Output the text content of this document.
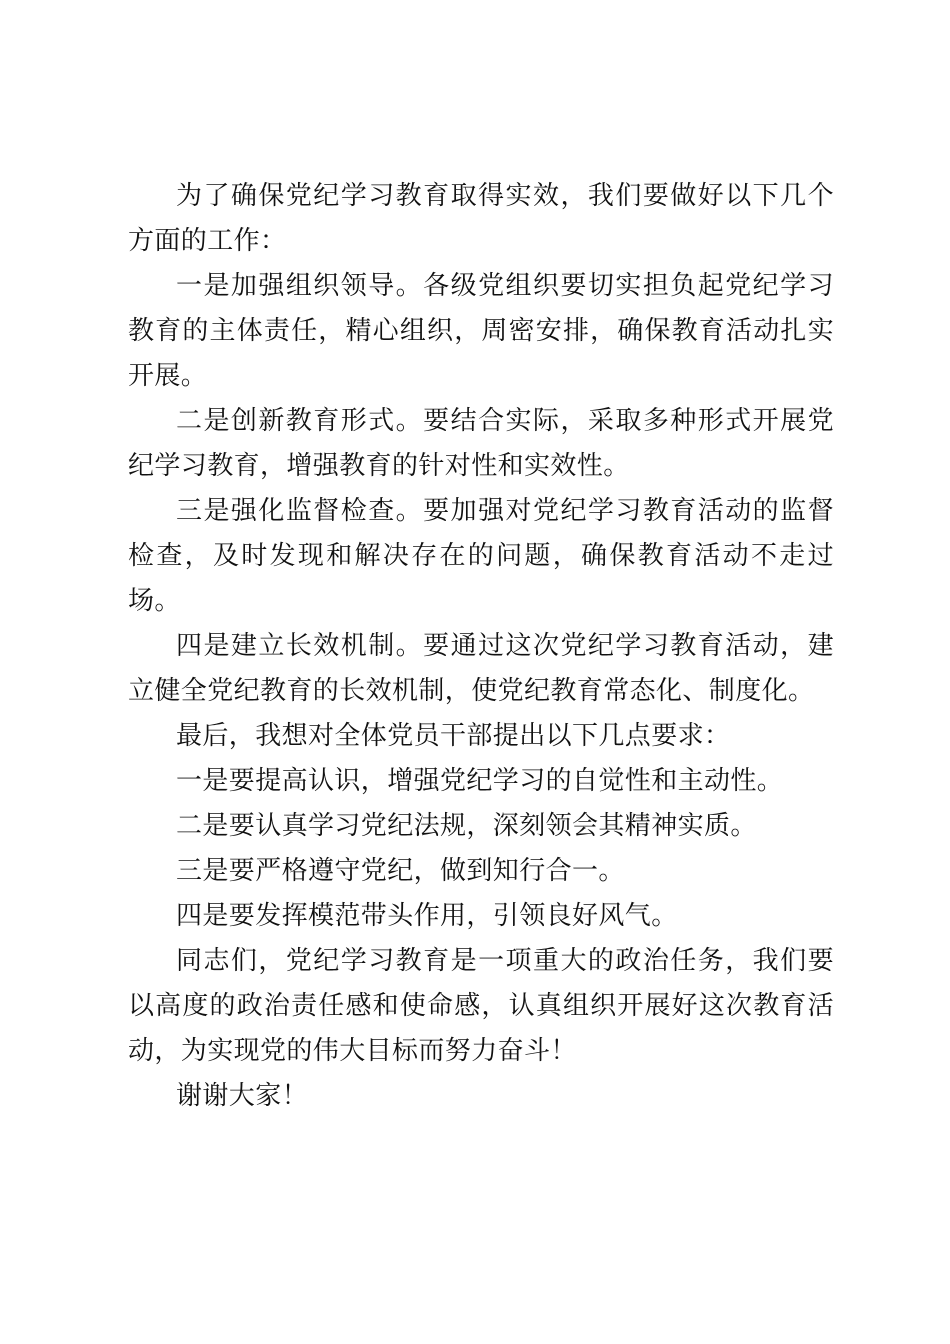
为了确保党纪学习教育取得实效，我们要做好以下几个方面的工作：

一是加强组织领导。各级党组织要切实担负起党纪学习教育的主体责任，精心组织，周密安排，确保教育活动扎实开展。

二是创新教育形式。要结合实际，采取多种形式开展党纪学习教育，增强教育的针对性和实效性。

三是强化监督检查。要加强对党纪学习教育活动的监督检查，及时发现和解决存在的问题，确保教育活动不走过场。

四是建立长效机制。要通过这次党纪学习教育活动，建立健全党纪教育的长效机制，使党纪教育常态化、制度化。

最后，我想对全体党员干部提出以下几点要求：

一是要提高认识，增强党纪学习的自觉性和主动性。

二是要认真学习党纪法规，深刻领会其精神实质。

三是要严格遵守党纪，做到知行合一。

四是要发挥模范带头作用，引领良好风气。

同志们，党纪学习教育是一项重大的政治任务，我们要以高度的政治责任感和使命感，认真组织开展好这次教育活动，为实现党的伟大目标而努力奋斗！

谢谢大家！
